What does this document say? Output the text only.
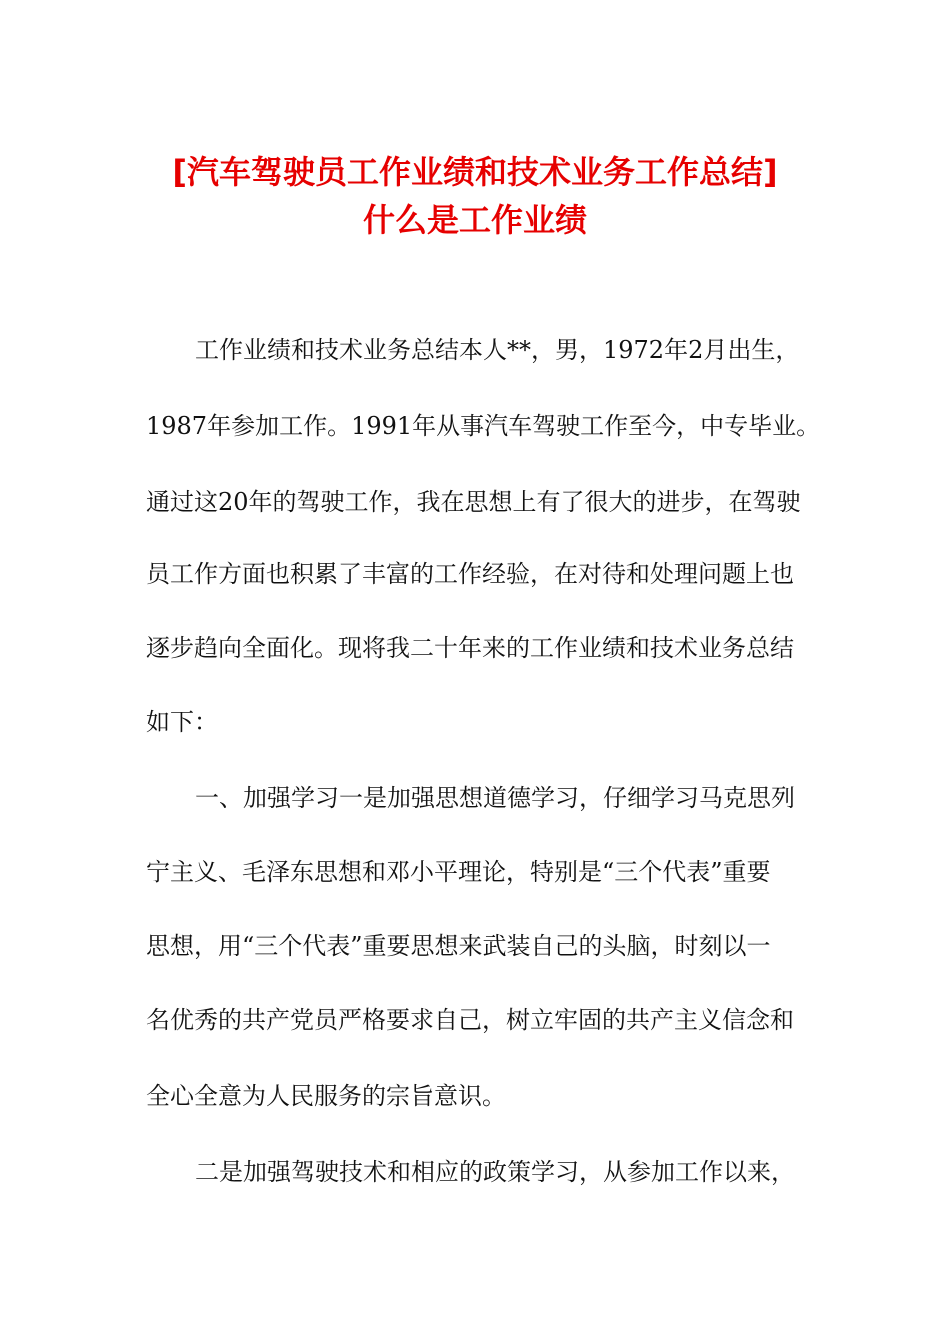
[汽车驾驶员工作业绩和技术业务工作总结]
什么是工作业绩
工作业绩和技术业务总结本人**，男，1972年2月出生，
1987年参加工作。1991年从事汽车驾驶工作至今，中专毕业。
通过这20年的驾驶工作，我在思想上有了很大的进步，在驾驶
员工作方面也积累了丰富的工作经验，在对待和处理问题上也
逐步趋向全面化。现将我二十年来的工作业绩和技术业务总结
如下：
一、加强学习一是加强思想道德学习，仔细学习马克思列
宁主义、毛泽东思想和邓小平理论，特别是“三个代表”重要
思想，用“三个代表”重要思想来武装自己的头脑，时刻以一
名优秀的共产党员严格要求自己，树立牢固的共产主义信念和
全心全意为人民服务的宗旨意识。
二是加强驾驶技术和相应的政策学习，从参加工作以来，
